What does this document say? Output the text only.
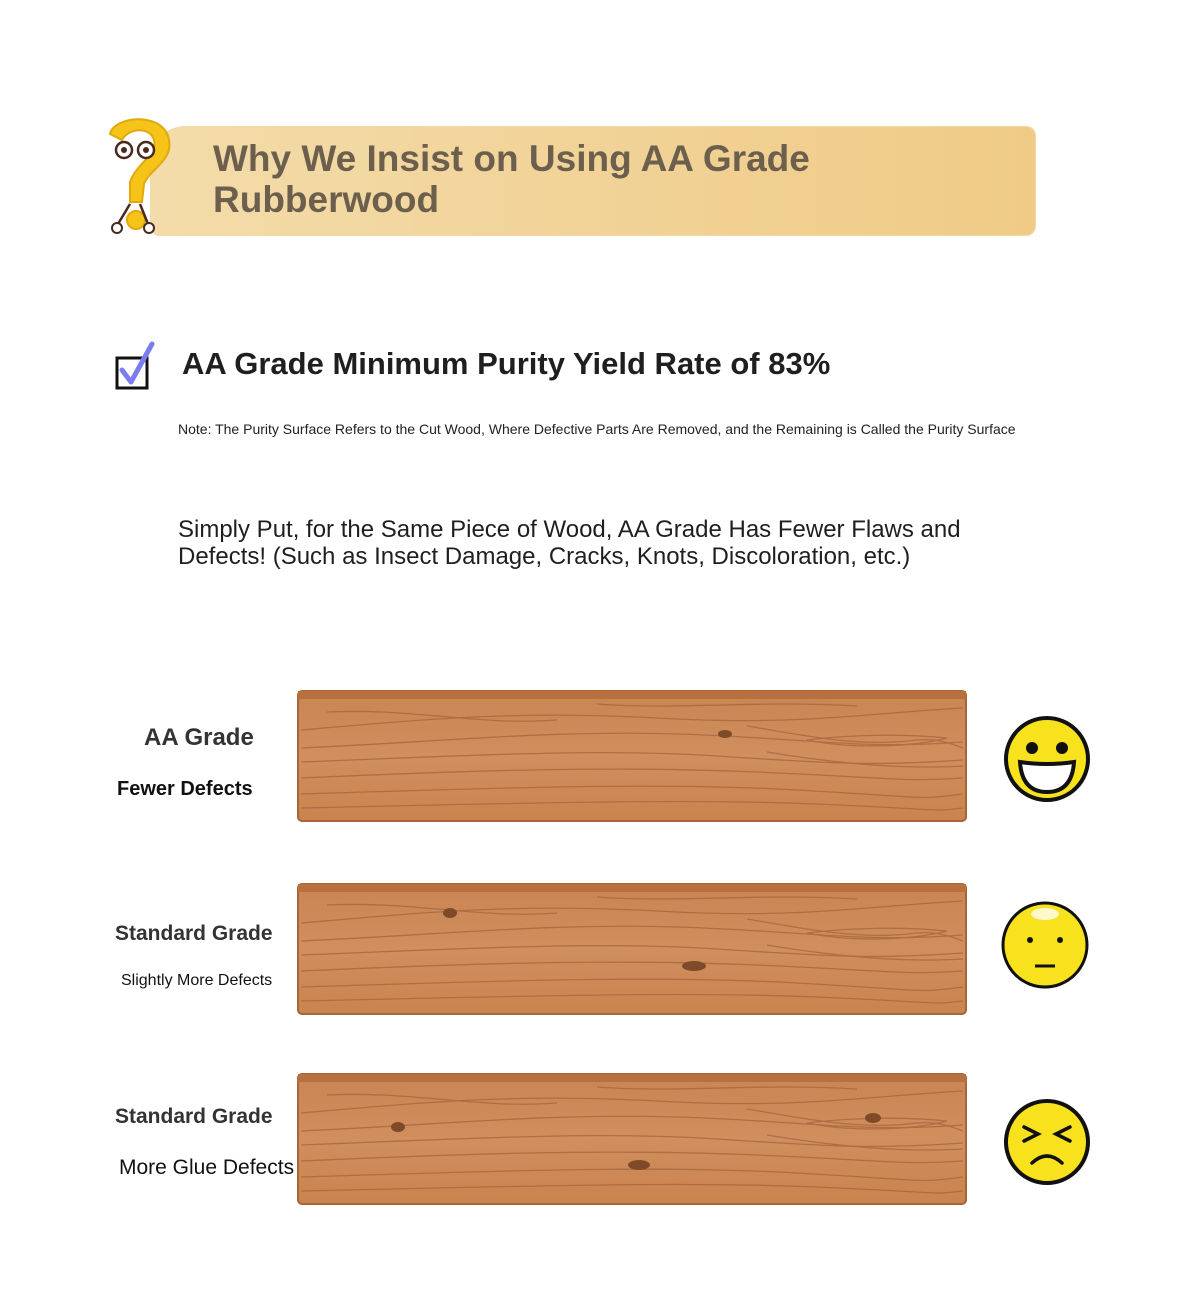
Why We Insist on Using AA Grade Rubberwood
AA Grade Minimum Purity Yield Rate of 83%
Note: The Purity Surface Refers to the Cut Wood, Where Defective Parts Are Removed, and the Remaining is Called the Purity Surface
Simply Put, for the Same Piece of Wood, AA Grade Has Fewer Flaws and Defects! (Such as Insect Damage, Cracks, Knots, Discoloration, etc.)
AA Grade
Fewer Defects
Standard Grade
Slightly More Defects
Standard Grade
More Glue Defects
